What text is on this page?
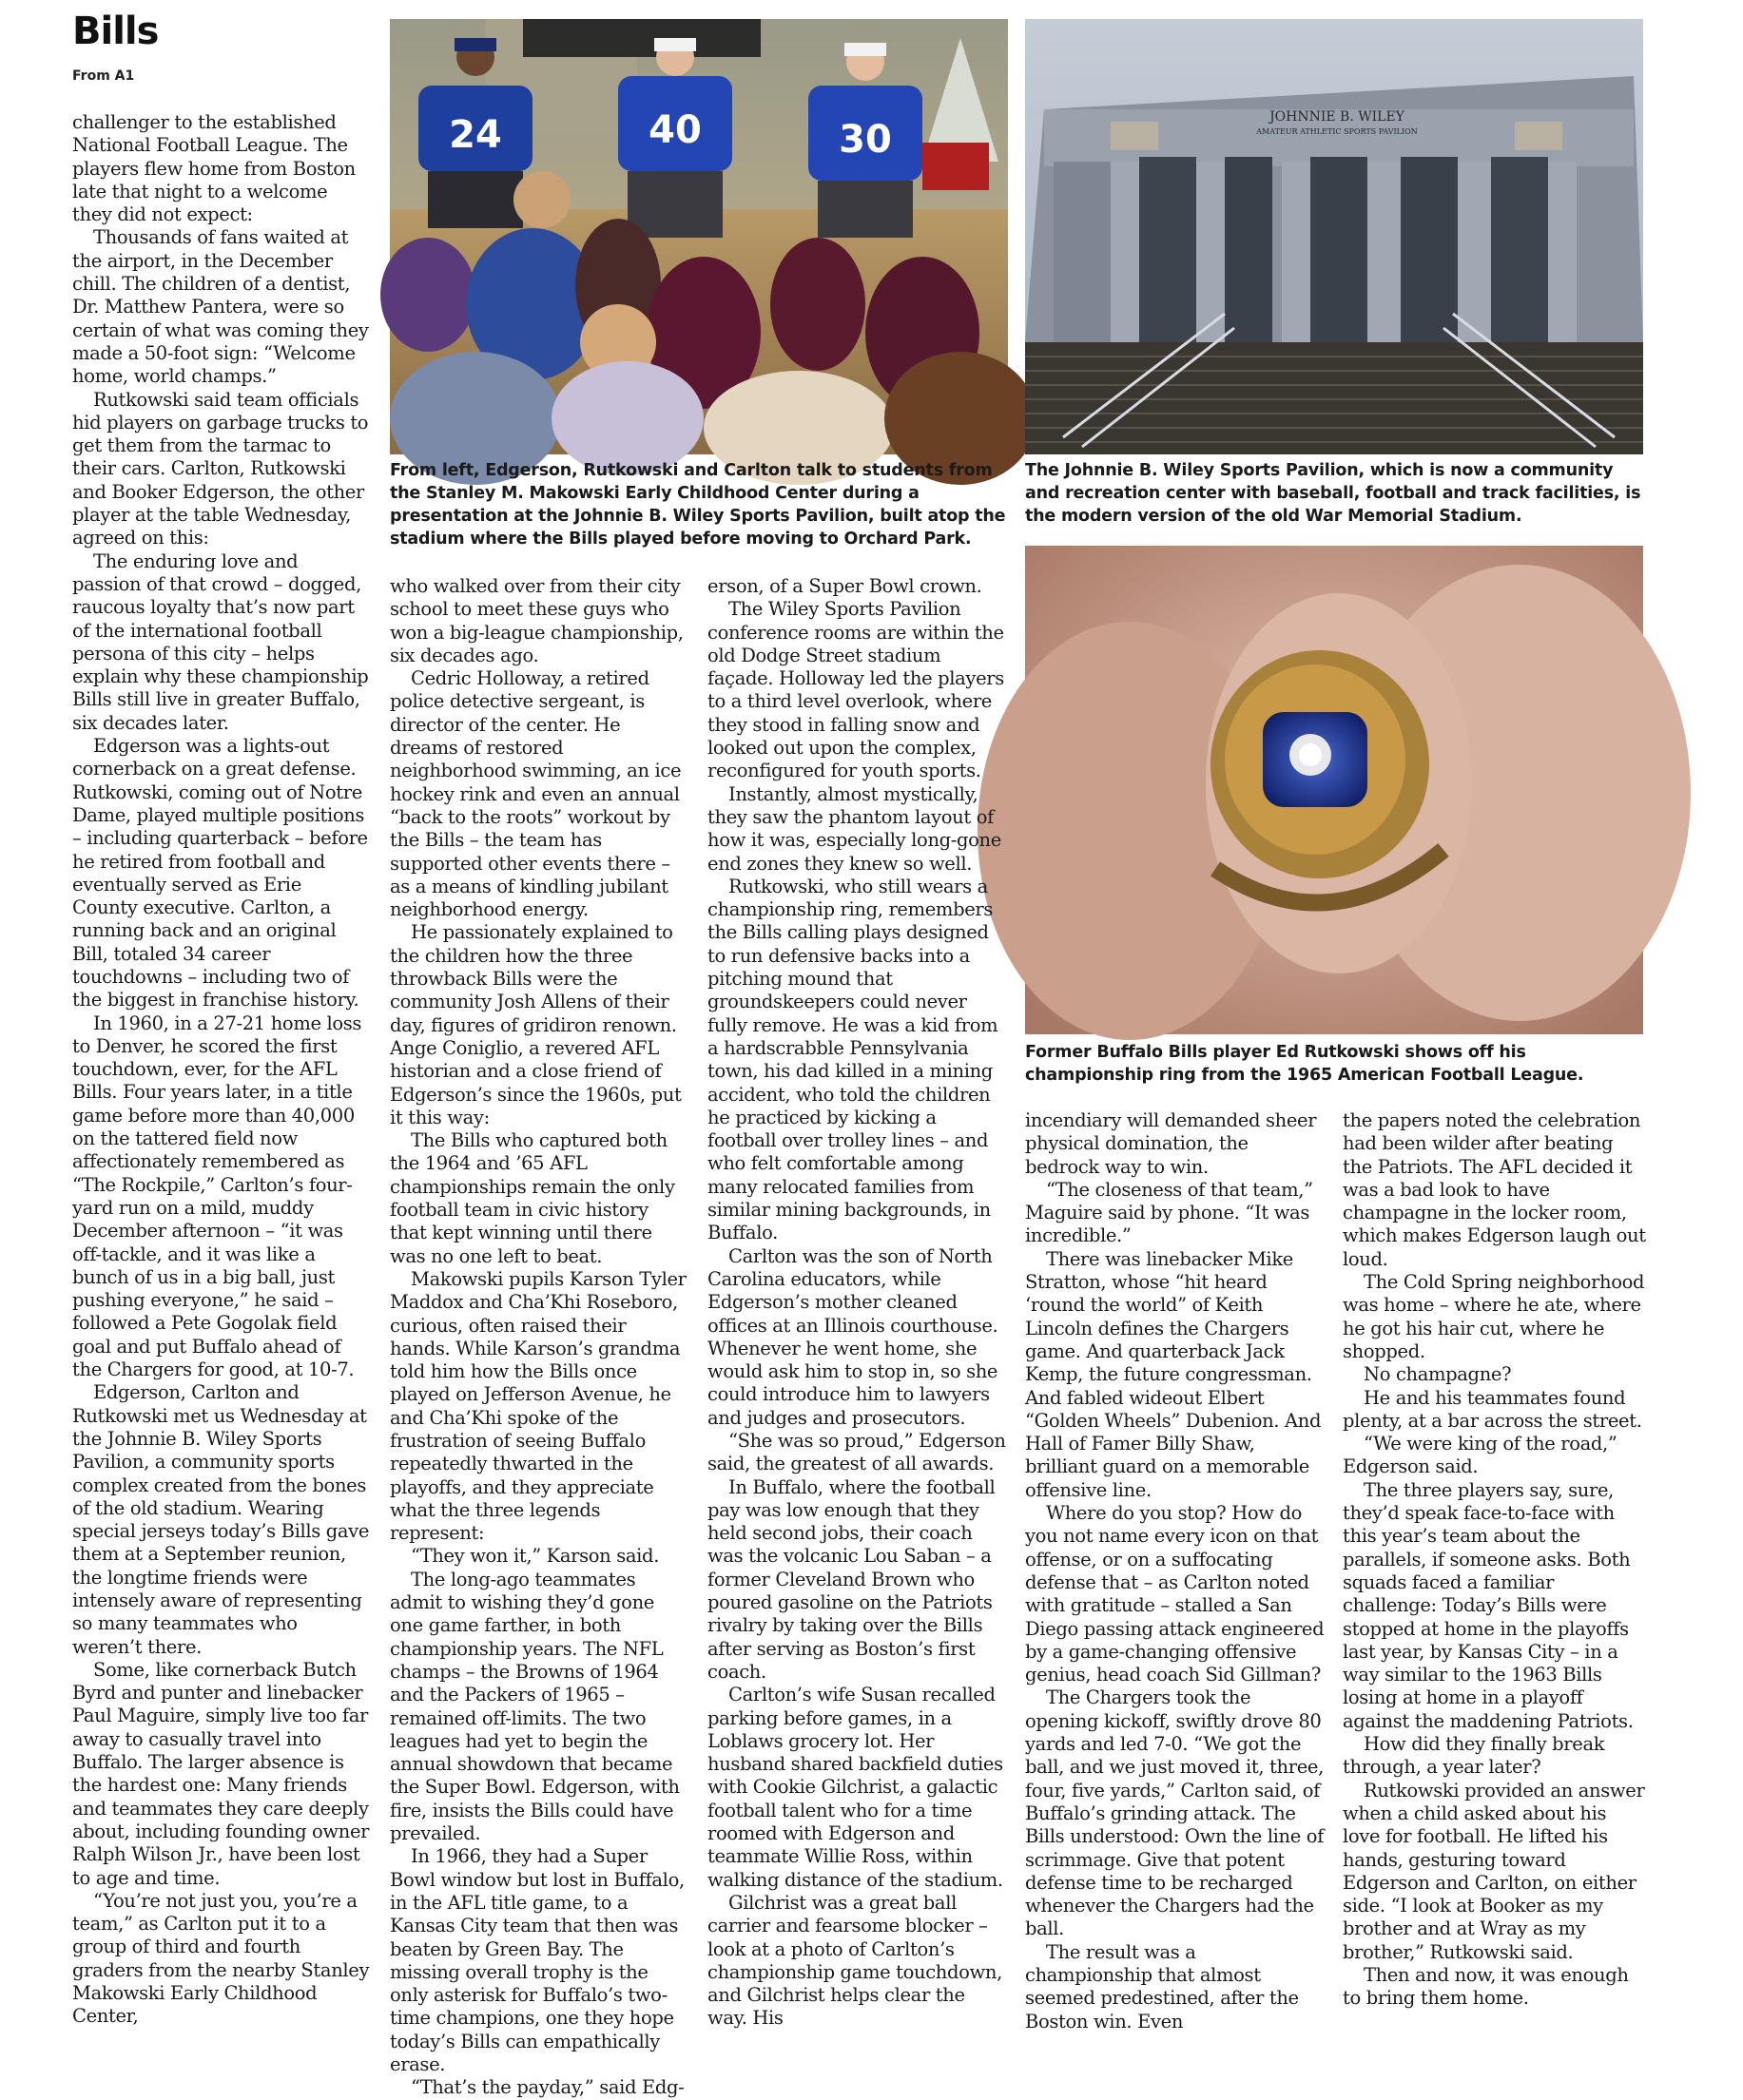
Bills
From A1

challenger to the established National Football League. The players flew home from Boston late that night to a welcome they did not expect:

Thousands of fans waited at the airport, in the December chill. The children of a dentist, Dr. Matthew Pantera, were so certain of what was coming they made a 50-foot sign: “Welcome home, world champs.”

Rutkowski said team officials hid players on garbage trucks to get them from the tarmac to their cars. Carlton, Rutkowski and Booker Edgerson, the other player at the table Wednesday, agreed on this:

The enduring love and passion of that crowd – dogged, raucous loyalty that’s now part of the international football persona of this city – helps explain why these championship Bills still live in greater Buffalo, six decades later.

Edgerson was a lights-out cornerback on a great defense. Rutkowski, coming out of Notre Dame, played multiple positions – including quarterback – before he retired from football and eventually served as Erie County executive. Carlton, a running back and an original Bill, totaled 34 career touchdowns – including two of the biggest in franchise history.

In 1960, in a 27-21 home loss to Denver, he scored the first touchdown, ever, for the AFL Bills. Four years later, in a title game before more than 40,000 on the tattered field now affectionately remembered as “The Rockpile,” Carlton’s four-yard run on a mild, muddy December afternoon – “it was off-tackle, and it was like a bunch of us in a big ball, just pushing everyone,” he said – followed a Pete Gogolak field goal and put Buffalo ahead of the Chargers for good, at 10-7.

Edgerson, Carlton and Rutkowski met us Wednesday at the Johnnie B. Wiley Sports Pavilion, a community sports complex created from the bones of the old stadium. Wearing special jerseys today’s Bills gave them at a September reunion, the longtime friends were intensely aware of representing so many teammates who weren’t there.

Some, like cornerback Butch Byrd and punter and linebacker Paul Maguire, simply live too far away to casually travel into Buffalo. The larger absence is the hardest one: Many friends and teammates they care deeply about, including founding owner Ralph Wilson Jr., have been lost to age and time.

“You’re not just you, you’re a team,” as Carlton put it to a group of third and fourth graders from the nearby Stanley Makowski Early Childhood Center,

24	40	30

From left, Edgerson, Rutkowski and Carlton talk to students from the Stanley M. Makowski Early Childhood Center during a presentation at the Johnnie B. Wiley Sports Pavilion, built atop the stadium where the Bills played before moving to Orchard Park.

JOHNNIE B. WILEY
AMATEUR ATHLETIC SPORTS PAVILION

The Johnnie B. Wiley Sports Pavilion, which is now a community and recreation center with baseball, football and track facilities, is the modern version of the old War Memorial Stadium.

Former Buffalo Bills player Ed Rutkowski shows off his championship ring from the 1965 American Football League.

who walked over from their city school to meet these guys who won a big-league championship, six decades ago.

Cedric Holloway, a retired police detective sergeant, is director of the center. He dreams of restored neighborhood swimming, an ice hockey rink and even an annual “back to the roots” workout by the Bills – the team has supported other events there – as a means of kindling jubilant neighborhood energy.

He passionately explained to the children how the three throwback Bills were the community Josh Allens of their day, figures of gridiron renown. Ange Coniglio, a revered AFL historian and a close friend of Edgerson’s since the 1960s, put it this way:

The Bills who captured both the 1964 and ’65 AFL championships remain the only football team in civic history that kept winning until there was no one left to beat.

Makowski pupils Karson Tyler Maddox and Cha’Khi Roseboro, curious, often raised their hands. While Karson’s grandma told him how the Bills once played on Jefferson Avenue, he and Cha’Khi spoke of the frustration of seeing Buffalo repeatedly thwarted in the playoffs, and they appreciate what the three legends represent:

“They won it,” Karson said.

The long-ago teammates admit to wishing they’d gone one game farther, in both championship years. The NFL champs – the Browns of 1964 and the Packers of 1965 – remained off-limits. The two leagues had yet to begin the annual showdown that became the Super Bowl. Edgerson, with fire, insists the Bills could have prevailed.

In 1966, they had a Super Bowl window but lost in Buffalo, in the AFL title game, to a Kansas City team that then was beaten by Green Bay. The missing overall trophy is the only asterisk for Buffalo’s two-time champions, one they hope today’s Bills can empathically erase.

“That’s the payday,” said Edg-

erson, of a Super Bowl crown.

The Wiley Sports Pavilion conference rooms are within the old Dodge Street stadium façade. Holloway led the players to a third level overlook, where they stood in falling snow and looked out upon the complex, reconfigured for youth sports.

Instantly, almost mystically, they saw the phantom layout of how it was, especially long-gone end zones they knew so well.

Rutkowski, who still wears a championship ring, remembers the Bills calling plays designed to run defensive backs into a pitching mound that groundskeepers could never fully remove. He was a kid from a hardscrabble Pennsylvania town, his dad killed in a mining accident, who told the children he practiced by kicking a football over trolley lines – and who felt comfortable among many relocated families from similar mining backgrounds, in Buffalo.

Carlton was the son of North Carolina educators, while Edgerson’s mother cleaned offices at an Illinois courthouse. Whenever he went home, she would ask him to stop in, so she could introduce him to lawyers and judges and prosecutors.

“She was so proud,” Edgerson said, the greatest of all awards.

In Buffalo, where the football pay was low enough that they held second jobs, their coach was the volcanic Lou Saban – a former Cleveland Brown who poured gasoline on the Patriots rivalry by taking over the Bills after serving as Boston’s first coach.

Carlton’s wife Susan recalled parking before games, in a Loblaws grocery lot. Her husband shared backfield duties with Cookie Gilchrist, a galactic football talent who for a time roomed with Edgerson and teammate Willie Ross, within walking distance of the stadium.

Gilchrist was a great ball carrier and fearsome blocker – look at a photo of Carlton’s championship game touchdown, and Gilchrist helps clear the way. His

incendiary will demanded sheer physical domination, the bedrock way to win.

“The closeness of that team,” Maguire said by phone. “It was incredible.”

There was linebacker Mike Stratton, whose “hit heard ‘round the world” of Keith Lincoln defines the Chargers game. And quarterback Jack Kemp, the future congressman. And fabled wideout Elbert “Golden Wheels” Dubenion. And Hall of Famer Billy Shaw, brilliant guard on a memorable offensive line.

Where do you stop? How do you not name every icon on that offense, or on a suffocating defense that – as Carlton noted with gratitude – stalled a San Diego passing attack engineered by a game-changing offensive genius, head coach Sid Gillman?

The Chargers took the opening kickoff, swiftly drove 80 yards and led 7-0. “We got the ball, and we just moved it, three, four, five yards,” Carlton said, of Buffalo’s grinding attack. The Bills understood: Own the line of scrimmage. Give that potent defense time to be recharged whenever the Chargers had the ball.

The result was a championship that almost seemed predestined, after the Boston win. Even

the papers noted the celebration had been wilder after beating the Patriots. The AFL decided it was a bad look to have champagne in the locker room, which makes Edgerson laugh out loud.

The Cold Spring neighborhood was home – where he ate, where he got his hair cut, where he shopped.

No champagne?

He and his teammates found plenty, at a bar across the street.

“We were king of the road,” Edgerson said.

The three players say, sure, they’d speak face-to-face with this year’s team about the parallels, if someone asks. Both squads faced a familiar challenge: Today’s Bills were stopped at home in the playoffs last year, by Kansas City – in a way similar to the 1963 Bills losing at home in a playoff against the maddening Patriots.

How did they finally break through, a year later?

Rutkowski provided an answer when a child asked about his love for football. He lifted his hands, gesturing toward Edgerson and Carlton, on either side. “I look at Booker as my brother and at Wray as my brother,” Rutkowski said.

Then and now, it was enough to bring them home.
